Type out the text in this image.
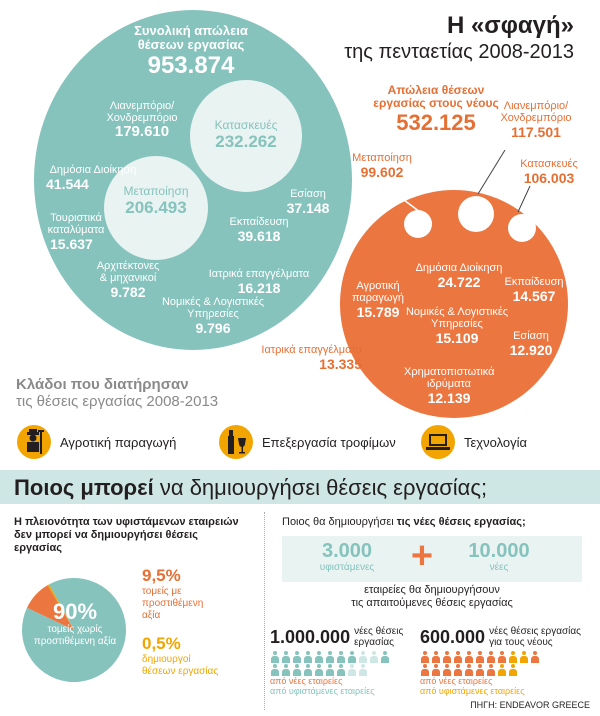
Η «σφαγή»
της πενταετίας 2008-2013
Συνολική απώλεια θέσεων εργασίας
953.874
Λιανεμπόριο/ Χονδρεμπόριο
179.610	Κατασκευές
232.262
Δημόσια Διοίκηση
41.544	Μεταποίηση
206.493
Εσίαση
37.148
Τουριστικά καταλύματα
15.637
Εκπαίδευση
39.618
Αρχιτέκτονες & μηχανικοί
9.782
Ιατρικά επαγγέλματα
16.218
Νομικές & Λογιστικές Υπηρεσίες
9.796
Απώλεια θέσεων εργασίας στους νέους
532.125
Μεταποίηση
99.602
Λιανεμπόριο/ Χονδρεμπόριο
117.501
Κατασκευές
106.003
Αγροτική παραγωγή
15.789
Δημόσια Διοίκηση
24.722	Εκπαίδευση
14.567
Νομικές & Λογιστικές Υπηρεσίες
15.109	Εσίαση
12.920
Ιατρικά επαγγέλματα
13.335	Χρηματοπιστωτικά ιδρύματα
12.139
Κλάδοι που διατήρησαν
τις θέσεις εργασίας 2008-2013
Αγροτική παραγωγή	Επεξεργασία τροφίμων	Τεχνολογία
Ποιος μπορεί να δημιουργήσει θέσεις εργασίας;
Η πλειονότητα των υφιστάμενων εταιρειών
δεν μπορεί να δημιουργήσει θέσεις
εργασίας
90%
τομείς χωρίς προστιθέμενη αξία
9,5%
τομείς με προστιθέμενη αξία
0,5%
δημιουργοί θέσεων εργασίας
Ποιος θα δημιουργήσει τις νέες θέσεις εργασίας;
3.000
υφιστάμενες +	10.000
νέες
εταιρείες θα δημιουργήσουν
τις απαιτούμενες θέσεις εργασίας
1.000.000 νέες θέσεις εργασίας
από νέες εταιρείες
από υφιστάμενες εταιρείες
600.000 νέες θέσεις εργασίας για τους νέους
από νέες εταιρείες
από υφιστάμενες εταιρείες
ΠΗΓΗ: ENDEAVOR GREECE
